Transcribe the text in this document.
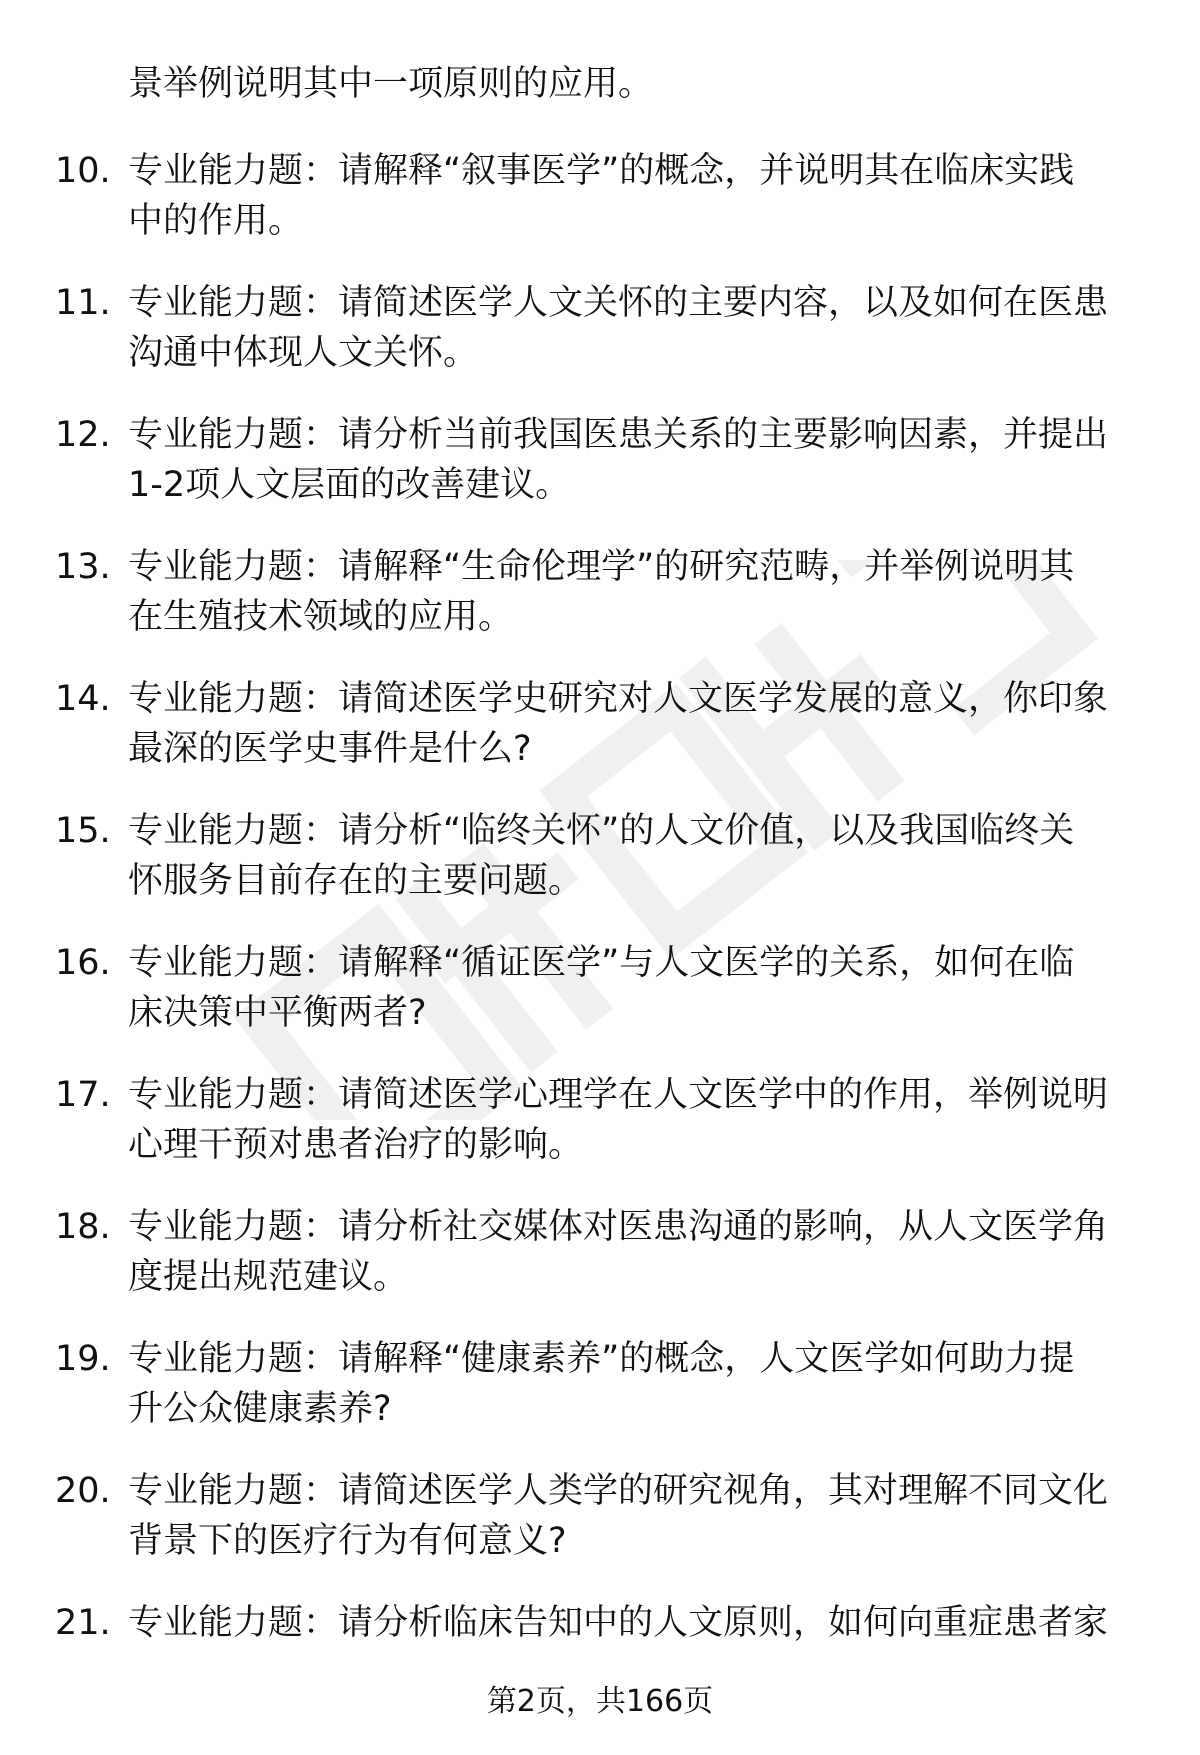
景举例说明其中一项原则的应用。
10. 专业能力题：请解释“叙事医学”的概念，并说明其在临床实践
中的作用。
11. 专业能力题：请简述医学人文关怀的主要内容，以及如何在医患
沟通中体现人文关怀。
12. 专业能力题：请分析当前我国医患关系的主要影响因素，并提出
1-2项人文层面的改善建议。
13. 专业能力题：请解释“生命伦理学”的研究范畴，并举例说明其
在生殖技术领域的应用。
14. 专业能力题：请简述医学史研究对人文医学发展的意义，你印象
最深的医学史事件是什么?
15. 专业能力题：请分析“临终关怀”的人文价值，以及我国临终关
怀服务目前存在的主要问题。
16. 专业能力题：请解释“循证医学”与人文医学的关系，如何在临
床决策中平衡两者?
17. 专业能力题：请简述医学心理学在人文医学中的作用，举例说明
心理干预对患者治疗的影响。
18. 专业能力题：请分析社交媒体对医患沟通的影响，从人文医学角
度提出规范建议。
19. 专业能力题：请解释“健康素养”的概念，人文医学如何助力提
升公众健康素养?
20. 专业能力题：请简述医学人类学的研究视角，其对理解不同文化
背景下的医疗行为有何意义?
21. 专业能力题：请分析临床告知中的人文原则，如何向重症患者家
第2页，共166页
